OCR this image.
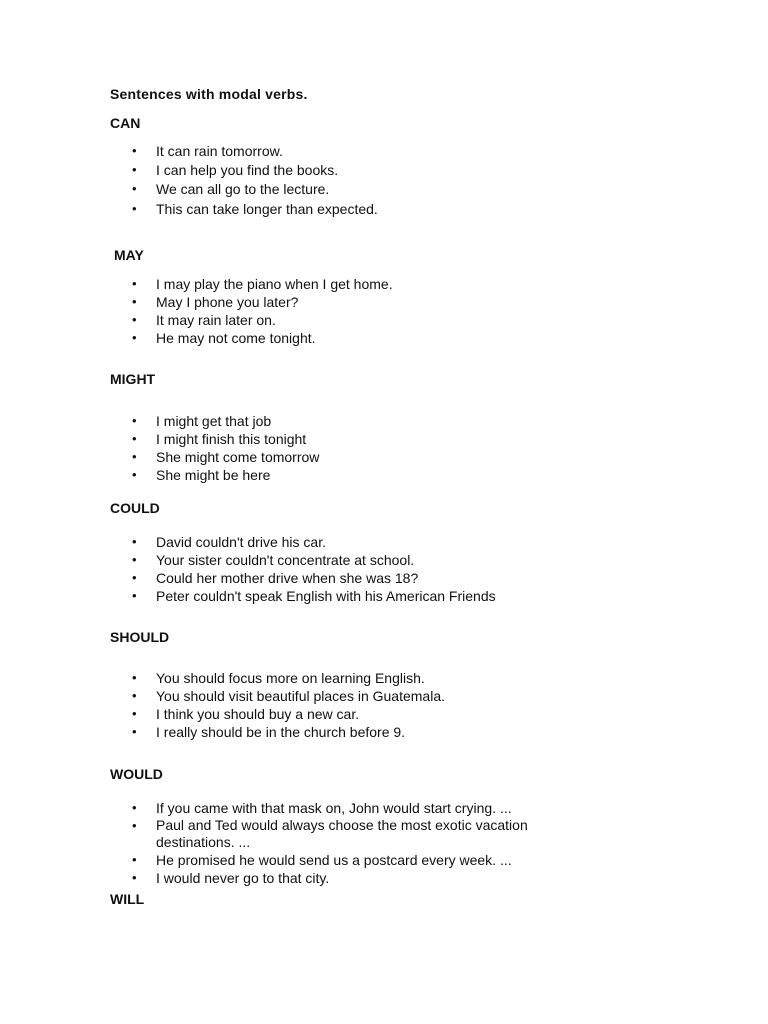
Sentences with modal verbs.
CAN
• It can rain tomorrow.
• I can help you find the books.
• We can all go to the lecture.
• This can take longer than expected.
MAY
• I may play the piano when I get home.
• May I phone you later?
• It may rain later on.
• He may not come tonight.
MIGHT
• I might get that job
• I might finish this tonight
• She might come tomorrow
• She might be here
COULD
• David couldn't drive his car.
• Your sister couldn't concentrate at school.
• Could her mother drive when she was 18?
• Peter couldn't speak English with his American Friends
SHOULD
• You should focus more on learning English.
• You should visit beautiful places in Guatemala.
• I think you should buy a new car.
• I really should be in the church before 9.
WOULD
• If you came with that mask on, John would start crying. ...
• Paul and Ted would always choose the most exotic vacation destinations. ...
• He promised he would send us a postcard every week. ...
• I would never go to that city.
WILL
